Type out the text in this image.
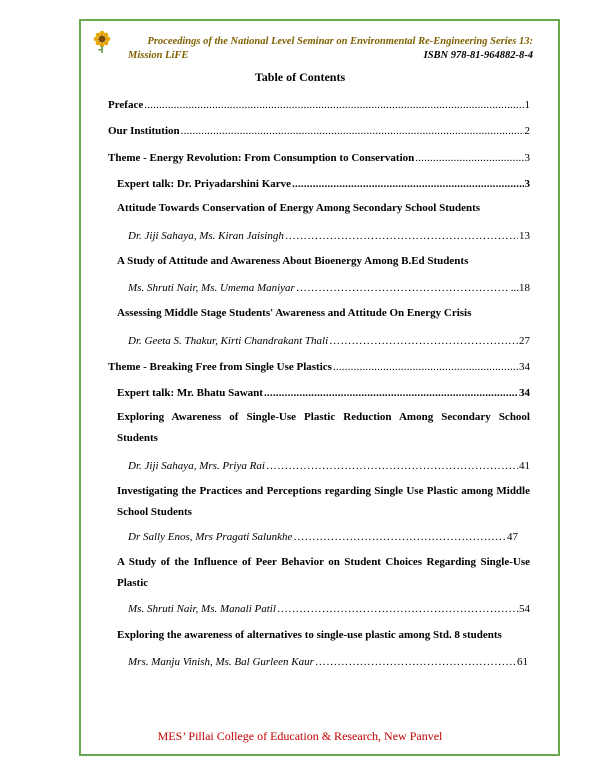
Proceedings of the National Level Seminar on Environmental Re-Engineering Series 13:
Mission LiFE	ISBN 978-81-964882-8-4
Table of Contents
Preface .....	1
Our Institution .....	2
Theme - Energy Revolution: From Consumption to Conservation .....	3
Expert talk: Dr. Priyadarshini Karve .....	3
Attitude Towards Conservation of Energy Among Secondary School Students
Dr. Jiji Sahaya, Ms. Kiran Jaisingh ……………………………………………………………………………………………………………………………………………………………………………………	13
A Study of Attitude and Awareness About Bioenergy Among B.Ed Students
Ms. Shruti Nair, Ms. Umema Maniyar ……………………………………………………………………………………………………………………………………………………………………………………	...18
Assessing Middle Stage Students' Awareness and Attitude On Energy Crisis
Dr. Geeta S. Thakur, Kirti Chandrakant Thali ……………………………………………………………………………………………………………………………………………………………………………………	…27
Theme - Breaking Free from Single Use Plastics .....	34
Expert talk: Mr. Bhatu Sawant .....	34
Exploring Awareness of Single-Use Plastic Reduction Among Secondary School Students
Dr. Jiji Sahaya, Mrs. Priya Rai ……………………………………………………………………………………………………………………………………………………………………………………	41
Investigating the Practices and Perceptions regarding Single Use Plastic among Middle School Students
Dr Sally Enos, Mrs Pragati Salunkhe ……………………………………………………………………………………………………………………………………………………………………………………	47
A Study of the Influence of Peer Behavior on Student Choices Regarding Single-Use Plastic
Ms. Shruti Nair, Ms. Manali Patil ……………………………………………………………………………………………………………………………………………………………………………………	54
Exploring the awareness of alternatives to single-use plastic among Std. 8 students
Mrs. Manju Vinish, Ms. Bal Gurleen Kaur ……………………………………………………………………………………………………………………………………………………………………………………	61
MES’ Pillai College of Education & Research, New Panvel
